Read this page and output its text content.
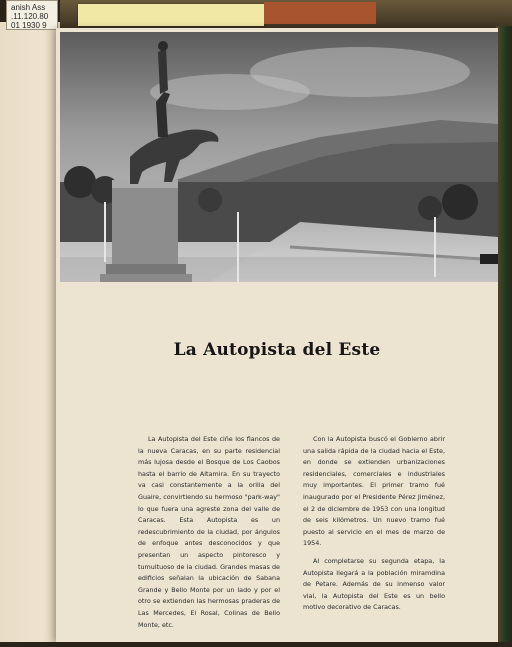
anish Ass
.11.120.80
01 1930 9
La Autopista del Este

La Autopista del Este ciñe los flancos de la nueva Caracas, en su parte residencial más lujosa desde el Bosque de Los Caobos hasta el barrio de Altamira. En su trayecto va casi constantemente a la orilla del Guaire, convirtiendo su hermoso "park-way" lo que fuera una agreste zona del valle de Caracas. Esta Autopista es un redescubrimiento de la ciudad, por ángulos de enfoque antes desconocidos y que presentan un aspecto pintoresco y tumultuoso de la ciudad. Grandes masas de edificios señalan la ubicación de Sabana Grande y Bello Monte por un lado y por el otro se extienden las hermosas praderas de Las Mercedes, El Rosal, Colinas de Bello Monte, etc.

Con la Autopista buscó el Gobierno abrir una salida rápida de la ciudad hacia el Este, en donde se extienden urbanizaciones residenciales, comerciales e industriales muy importantes. El primer tramo fué inaugurado por el Presidente Pérez Jiménez, el 2 de diciembre de 1953 con una longitud de seis kilómetros. Un nuevo tramo fué puesto al servicio en el mes de marzo de 1954.

Al completarse su segunda etapa, la Autopista llegará a la población miramdina de Petare. Además de su inmenso valor vial, la Autopista del Este es un bello motivo decorativo de Caracas.
